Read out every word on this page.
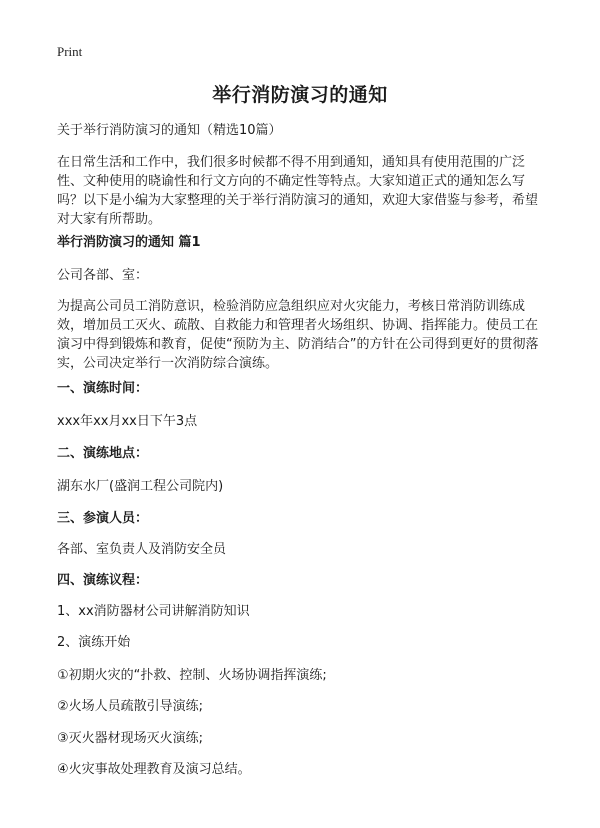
Print
举行消防演习的通知

关于举行消防演习的通知（精选10篇）

在日常生活和工作中，我们很多时候都不得不用到通知，通知具有使用范围的广泛性、文种使用的晓谕性和行文方向的不确定性等特点。大家知道正式的通知怎么写吗？以下是小编为大家整理的关于举行消防演习的通知，欢迎大家借鉴与参考，希望对大家有所帮助。

举行消防演习的通知 篇1

公司各部、室：

为提高公司员工消防意识，检验消防应急组织应对火灾能力，考核日常消防训练成效，增加员工灭火、疏散、自救能力和管理者火场组织、协调、指挥能力。使员工在演习中得到锻炼和教育，促使“预防为主、防消结合”的方针在公司得到更好的贯彻落实，公司决定举行一次消防综合演练。

一、演练时间：

xxx年xx月xx日下午3点

二、演练地点：

湖东水厂(盛润工程公司院内)

三、参演人员：

各部、室负责人及消防安全员

四、演练议程：

1、xx消防器材公司讲解消防知识

2、演练开始

①初期火灾的“扑救、控制、火场协调指挥演练;

②火场人员疏散引导演练;

③灭火器材现场灭火演练;

④火灾事故处理教育及演习总结。
